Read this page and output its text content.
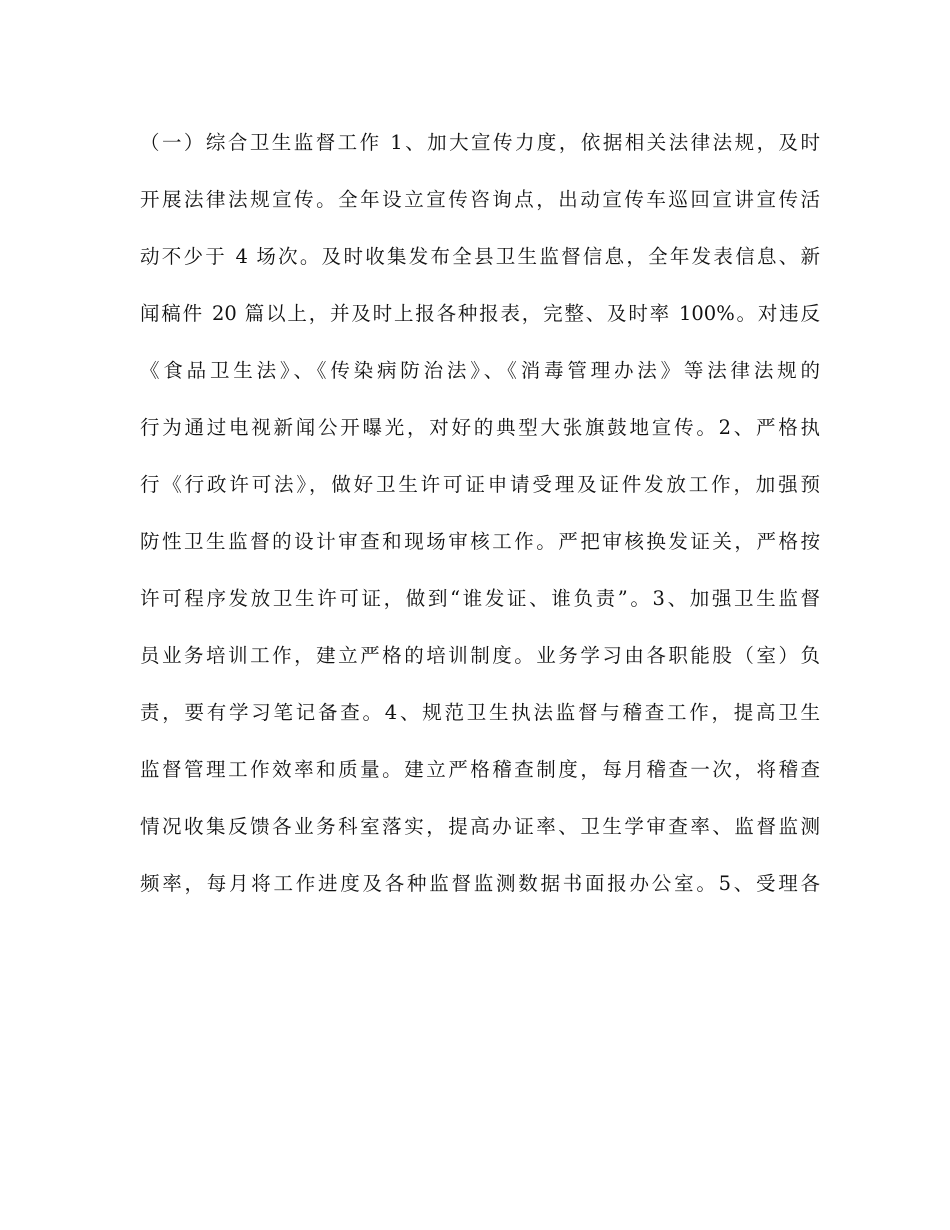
（一）综合卫生监督工作 1、加大宣传力度，依据相关法律法规，及时

开展法律法规宣传。全年设立宣传咨询点，出动宣传车巡回宣讲宣传活

动不少于 4 场次。及时收集发布全县卫生监督信息，全年发表信息、新

闻稿件 20 篇以上，并及时上报各种报表，完整、及时率 100%。对违反

《食品卫生法》、《传染病防治法》、《消毒管理办法》等法律法规的

行为通过电视新闻公开曝光，对好的典型大张旗鼓地宣传。2、严格执

行《行政许可法》，做好卫生许可证申请受理及证件发放工作，加强预

防性卫生监督的设计审查和现场审核工作。严把审核换发证关，严格按

许可程序发放卫生许可证，做到“谁发证、谁负责”。3、加强卫生监督

员业务培训工作，建立严格的培训制度。业务学习由各职能股（室）负

责，要有学习笔记备查。4、规范卫生执法监督与稽查工作，提高卫生

监督管理工作效率和质量。建立严格稽查制度，每月稽查一次，将稽查

情况收集反馈各业务科室落实，提高办证率、卫生学审查率、监督监测

频率，每月将工作进度及各种监督监测数据书面报办公室。5、受理各
